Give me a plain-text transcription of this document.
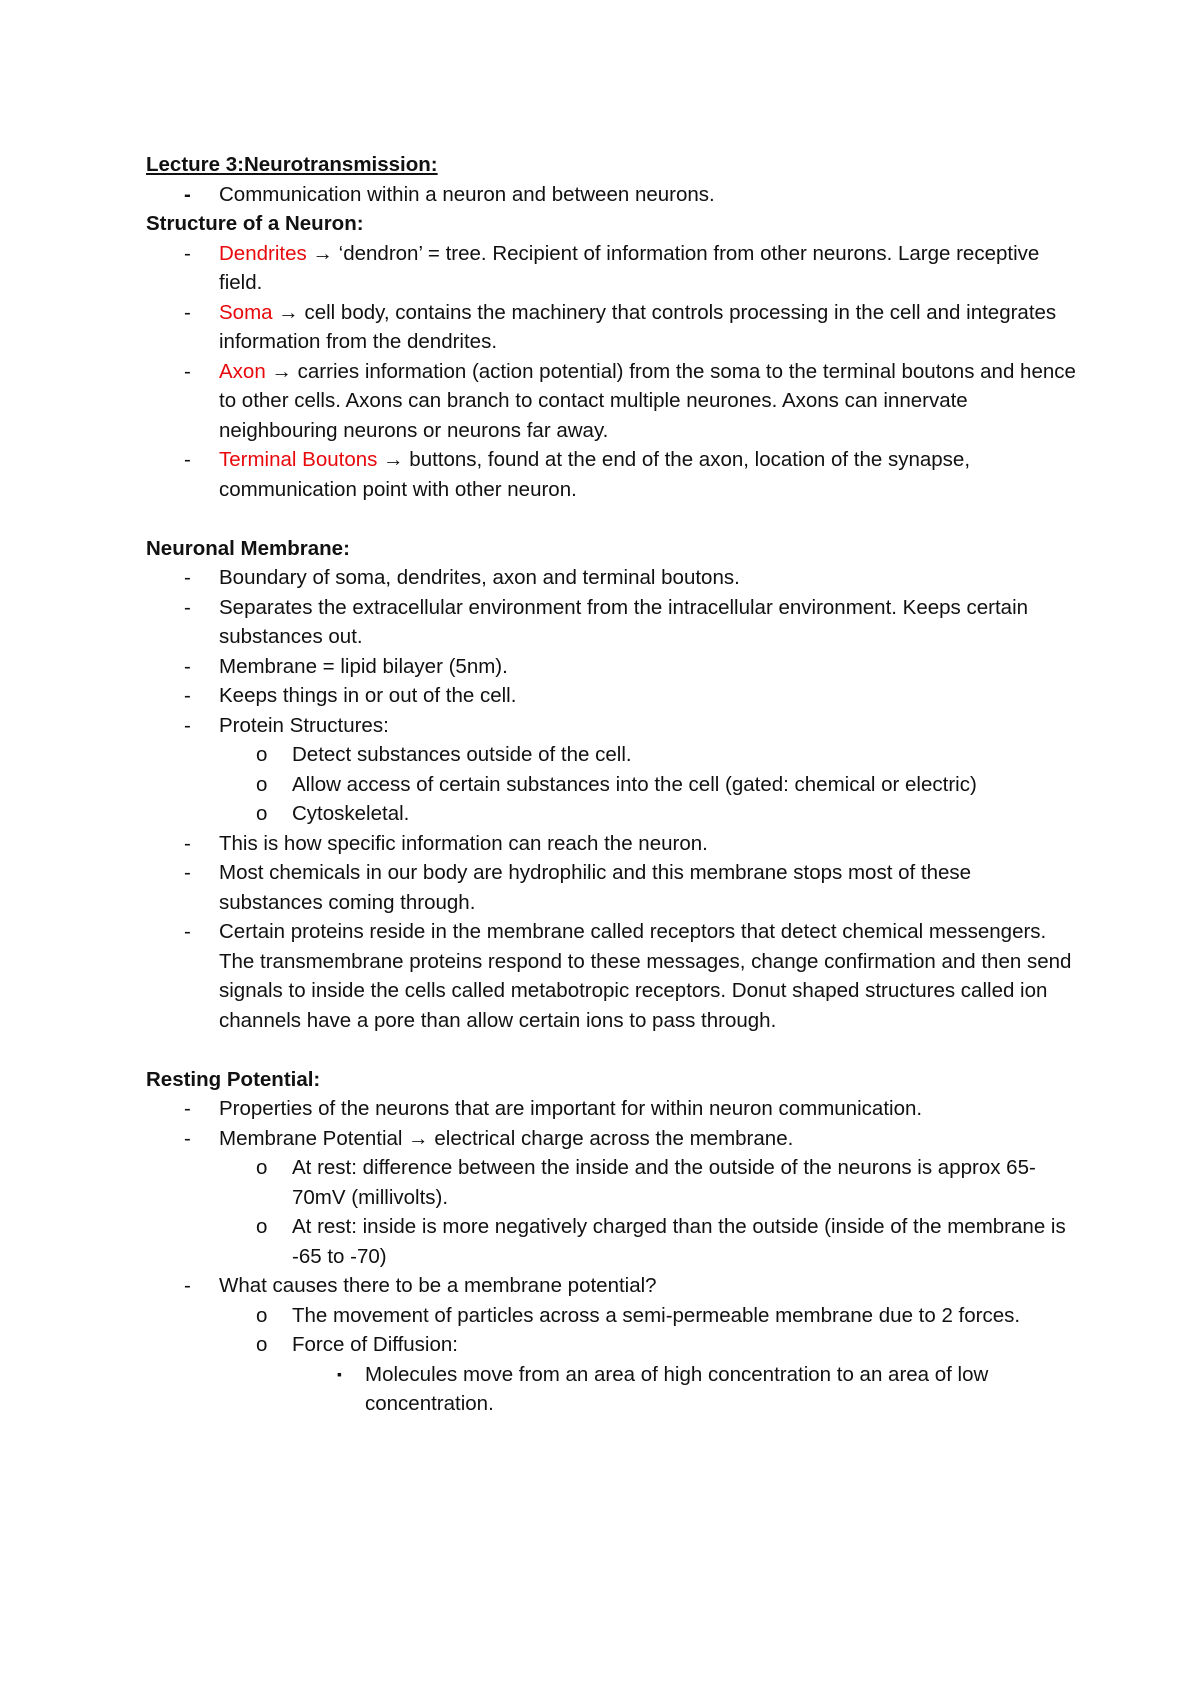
Lecture 3:Neurotransmission:

- Communication within a neuron and between neurons.

Structure of a Neuron:

- Dendrites → ‘dendron’ = tree. Recipient of information from other neurons. Large receptive field.
- Soma → cell body, contains the machinery that controls processing in the cell and integrates information from the dendrites.
- Axon → carries information (action potential) from the soma to the terminal boutons and hence to other cells. Axons can branch to contact multiple neurones. Axons can innervate neighbouring neurons or neurons far away.
- Terminal Boutons → buttons, found at the end of the axon, location of the synapse, communication point with other neuron.

Neuronal Membrane:

- Boundary of soma, dendrites, axon and terminal boutons.
- Separates the extracellular environment from the intracellular environment. Keeps certain substances out.
- Membrane = lipid bilayer (5nm).
- Keeps things in or out of the cell.
- Protein Structures:
o Detect substances outside of the cell.
o Allow access of certain substances into the cell (gated: chemical or electric)
o Cytoskeletal.
- This is how specific information can reach the neuron.
- Most chemicals in our body are hydrophilic and this membrane stops most of these substances coming through.
- Certain proteins reside in the membrane called receptors that detect chemical messengers. The transmembrane proteins respond to these messages, change confirmation and then send signals to inside the cells called metabotropic receptors. Donut shaped structures called ion channels have a pore than allow certain ions to pass through.

Resting Potential:

- Properties of the neurons that are important for within neuron communication.
- Membrane Potential → electrical charge across the membrane.
o At rest: difference between the inside and the outside of the neurons is approx 65-70mV (millivolts).
o At rest: inside is more negatively charged than the outside (inside of the membrane is -65 to -70)
- What causes there to be a membrane potential?
o The movement of particles across a semi-permeable membrane due to 2 forces.
o Force of Diffusion:
▪ Molecules move from an area of high concentration to an area of low concentration.
